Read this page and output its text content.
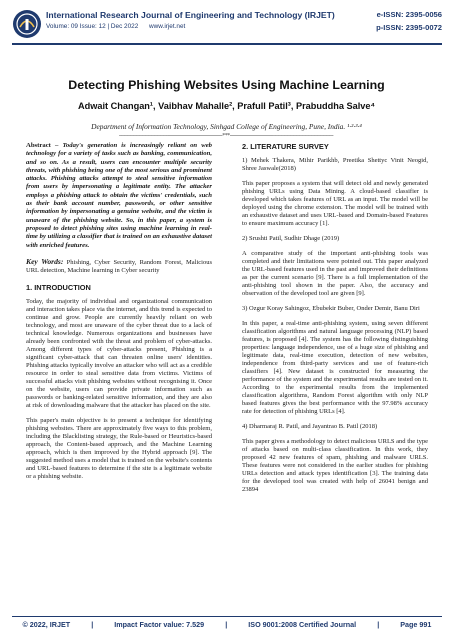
International Research Journal of Engineering and Technology (IRJET)	e-ISSN: 2395-0056
Volume: 09 Issue: 12 | Dec 2022 www.irjet.net	p-ISSN: 2395-0072
Detecting Phishing Websites Using Machine Learning
Adwait Changan¹, Vaibhav Mahalle², Prafull Patil³, Prabuddha Salve⁴
Department of Information Technology, Sinhgad College of Engineering, Pune, India. ¹·²·³·⁴
---------------------------------------------------------------------***---------------------------------------------------------------------
Abstract – Today's generation is increasingly reliant on web technology for a variety of tasks such as banking, communication, and so on. As a result, users can encounter multiple security threats, with phishing being one of the most serious and prominent attacks. Phishing attacks attempt to steal sensitive information from users by impersonating a legitimate entity. The attacker employs a phishing attack to obtain the victims' credentials, such as their bank account number, passwords, or other sensitive information by impersonating a genuine website, and the victim is unaware of the phishing website. So, in this paper, a system is proposed to detect phishing sites using machine learning in real-time by utilizing a classifier that is trained on an exhaustive dataset with enriched features.
Key Words: Phishing, Cyber Security, Random Forest, Malicious URL detection, Machine learning in Cyber security
1. INTRODUCTION

Today, the majority of individual and organizational communication and interaction takes place via the internet, and this trend is expected to continue and grow. People are currently heavily reliant on web technology, and most are unaware of the cyber threat due to a lack of technical knowledge. Numerous organizations and businesses have already been confronted with the threat and problem of cyber-attacks. Among different types of cyber-attacks present, Phishing is a significant cyber-attack that can threaten online users' identities. Phishing attacks typically involve an attacker who will act as a credible resource in order to steal sensitive data from victims. Victims of successful attacks visit phishing websites without recognising it. Once on the website, users can provide private information such as passwords or banking-related sensitive information, and they are also at risk of downloading malware that the attacker has placed on the site.

This paper's main objective is to present a technique for identifying phishing websites. There are approximately five ways to this problem, including the Blacklisting strategy, the Rule-based or Heuristics-based approach, the Content-based approach, and the Machine Learning approach, which is then improved by the Hybrid approach [9]. The suggested method uses a model that is trained on the website's contents and URL-based features to determine if the site is a legitimate website or a phishing website.

2. LITERATURE SURVEY

1) Mehek Thakera, Mihir Parikhb, Preetika Shettyc Vinit Neogid, Shree Jaswale(2018)

This paper proposes a system that will detect old and newly generated phishing URLs using Data Mining. A cloud-based classifier is developed which takes features of URL as an input. The model will be deployed using the chrome extension. The model will be trained with an exhaustive dataset and uses URL-based and Domain-based Features to ensure maximum accuracy [1].

2) Srushti Patil, Sudhir Dhage (2019)

A comparative study of the important anti-phishing tools was completed and their limitations were pointed out. This paper analyzed the URL-based features used in the past and improved their definitions as per the current scenario [9]. There is a full implementation of the anti-phishing tool shown in the paper. Also, the accuracy and observation of the developed tool are given [9].

3) Ozgur Koray Sahingoz, Ebubekir Buber, Onder Demir, Banu Diri

In this paper, a real-time anti-phishing system, using seven different classification algorithms and natural language processing (NLP) based features, is proposed [4]. The system has the following distinguishing properties: language independence, use of a huge size of phishing and legitimate data, real-time execution, detection of new websites, independence from third-party services and use of feature-rich classifiers [4]. New dataset is constructed for measuring the performance of the system and the experimental results are tested on it. According to the experimental results from the implemented classification algorithms, Random Forest algorithm with only NLP based features gives the best performance with the 97.98% accuracy rate for detection of phishing URLs [4].

4) Dharmaraj R. Patil, and Jayantrao B. Patil (2018)

This paper gives a methodology to detect malicious URLS and the type of attacks based on multi-class classification. In this work, they proposed 42 new features of spam, phishing and malware URLS. These features were not considered in the earlier studies for phishing URLs detection and attack types identification [3]. The training data for the developed tool was created with help of 26041 benign and 23894

© 2022, IRJET	|	Impact Factor value: 7.529	|	ISO 9001:2008 Certified Journal	|	Page 991
